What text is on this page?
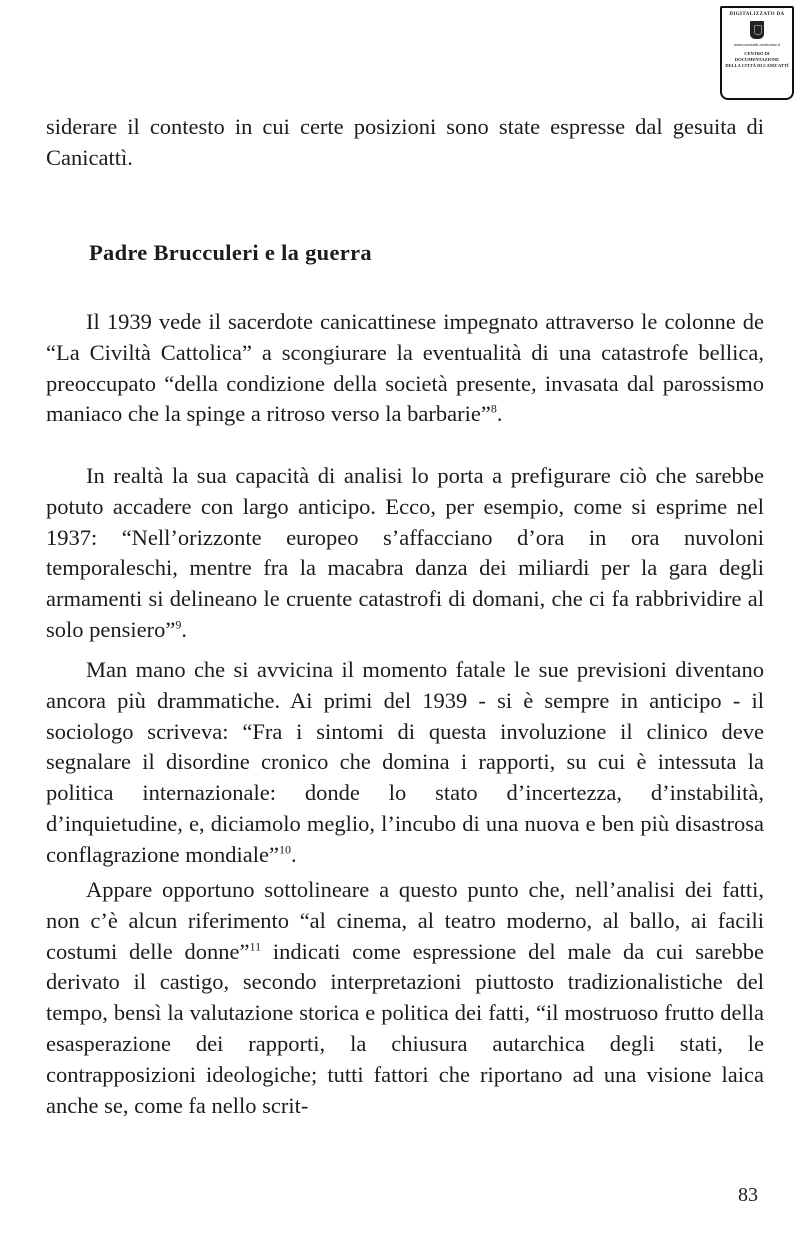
DIGITALIZZATO DA
www.canicatti-centrodoc.it
CENTRO DI DOCUMENTAZIONE
DELLA CITTÀ DI CANICATTÌ

siderare il contesto in cui certe posizioni sono state espresse dal gesuita di Canicattì.

Padre Brucculeri e la guerra

Il 1939 vede il sacerdote canicattinese impegnato attraverso le colonne de “La Civiltà Cattolica” a scongiurare la eventualità di una catastrofe bellica, preoccupato “della condizione della società presente, invasata dal parossismo maniaco che la spinge a ritroso verso la barbarie”$^8$.

In realtà la sua capacità di analisi lo porta a prefigurare ciò che sarebbe potuto accadere con largo anticipo. Ecco, per esempio, come si esprime nel 1937: “Nell’orizzonte europeo s’affacciano d’ora in ora nuvoloni temporaleschi, mentre fra la macabra danza dei miliardi per la gara degli armamenti si delineano le cruente catastrofi di domani, che ci fa rabbrividire al solo pensiero”$^9$.

Man mano che si avvicina il momento fatale le sue previsioni diventano ancora più drammatiche. Ai primi del 1939 - si è sempre in anticipo - il sociologo scriveva: “Fra i sintomi di questa involuzione il clinico deve segnalare il disordine cronico che domina i rapporti, su cui è intessuta la politica internazionale: donde lo stato d’incertezza, d’instabilità, d’inquietudine, e, diciamolo meglio, l’incubo di una nuova e ben più disastrosa conflagrazione mondiale”$^{10}$.

Appare opportuno sottolineare a questo punto che, nell’analisi dei fatti, non c’è alcun riferimento “al cinema, al teatro moderno, al ballo, ai facili costumi delle donne”$^{11}$ indicati come espressione del male da cui sarebbe derivato il castigo, secondo interpretazioni piuttosto tradizionalistiche del tempo, bensì la valutazione storica e politica dei fatti, “il mostruoso frutto della esasperazione dei rapporti, la chiusura autarchica degli stati, le contrapposizioni ideologiche; tutti fattori che riportano ad una visione laica anche se, come fa nello scrit-

83
